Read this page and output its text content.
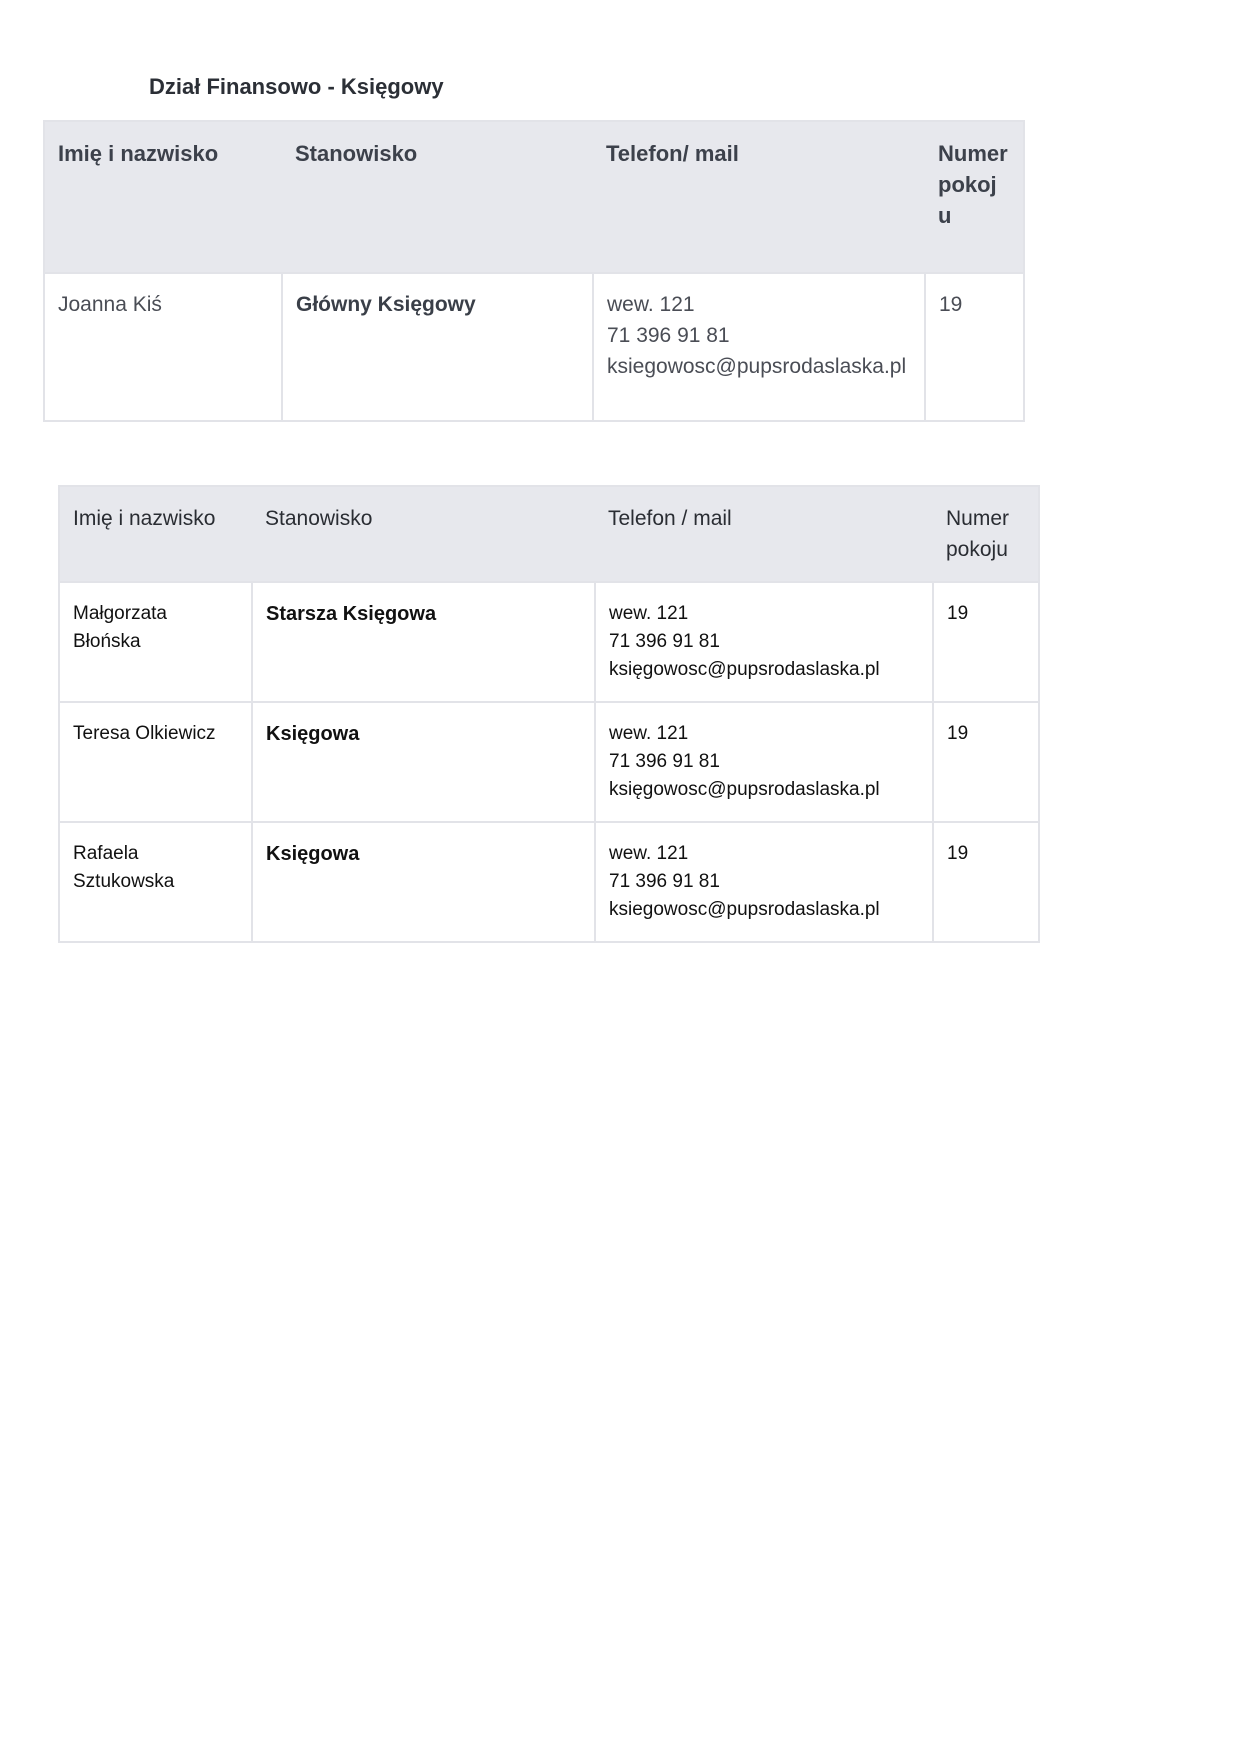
Dział Finansowo - Księgowy
Imię i nazwisko	Stanowisko	Telefon/ mail	Numer pokoju
Joanna Kiś	Główny Księgowy	wew. 121
71 396 91 81
ksiegowosc@pupsrodaslaska.pl	19
Imię i nazwisko	Stanowisko	Telefon / mail	Numer pokoju
Małgorzata Błońska	Starsza Księgowa	wew. 121
71 396 91 81
księgowosc@pupsrodaslaska.pl	19
Teresa Olkiewicz	Księgowa	wew. 121
71 396 91 81
księgowosc@pupsrodaslaska.pl	19
Rafaela Sztukowska	Księgowa	wew. 121
71 396 91 81
ksiegowosc@pupsrodaslaska.pl	19
